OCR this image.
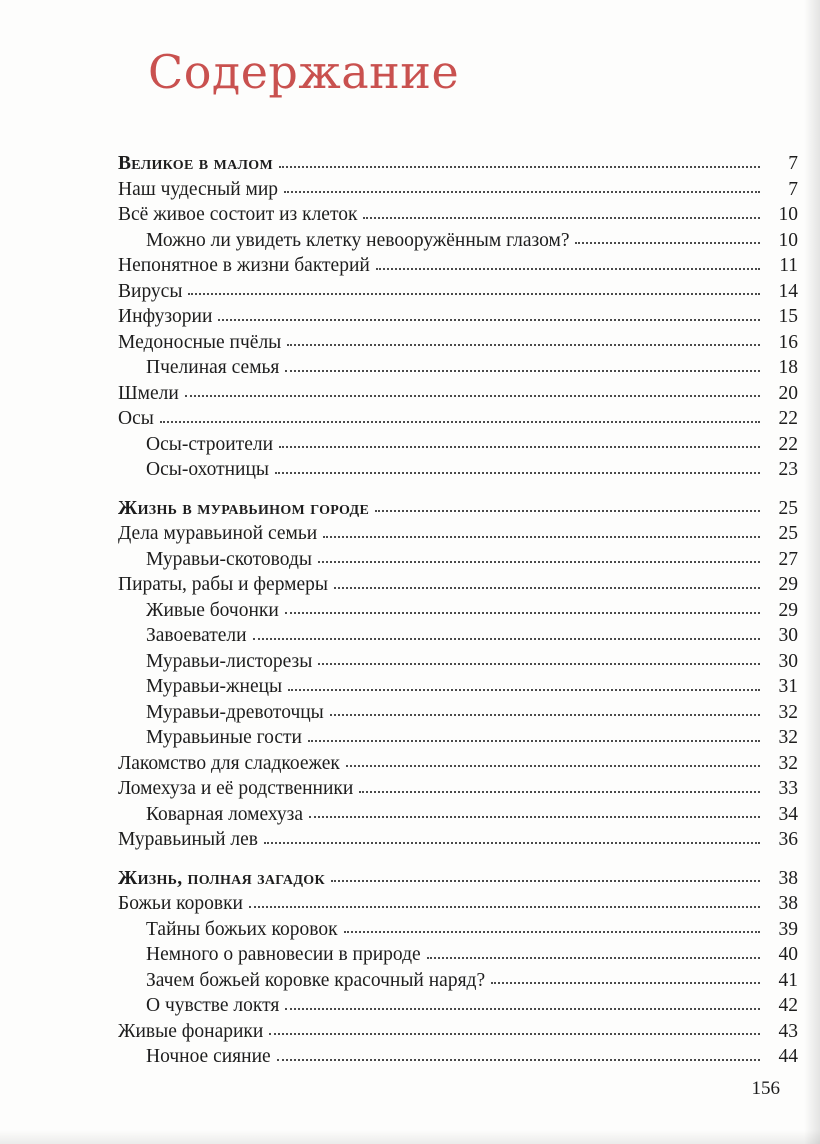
Содержание
Великое в малом	7
Наш чудесный мир	7
Всё живое состоит из клеток	10
Можно ли увидеть клетку невооружённым глазом?	10
Непонятное в жизни бактерий	11
Вирусы	14
Инфузории	15
Медоносные пчёлы	16
Пчелиная семья	18
Шмели	20
Осы	22
Осы-строители	22
Осы-охотницы	23
Жизнь в муравьином городе	25
Дела муравьиной семьи	25
Муравьи-скотоводы	27
Пираты, рабы и фермеры	29
Живые бочонки	29
Завоеватели	30
Муравьи-листорезы	30
Муравьи-жнецы	31
Муравьи-древоточцы	32
Муравьиные гости	32
Лакомство для сладкоежек	32
Ломехуза и её родственники	33
Коварная ломехуза	34
Муравьиный лев	36
Жизнь, полная загадок	38
Божьи коровки	38
Тайны божьих коровок	39
Немного о равновесии в природе	40
Зачем божьей коровке красочный наряд?	41
О чувстве локтя	42
Живые фонарики	43
Ночное сияние	44
156
